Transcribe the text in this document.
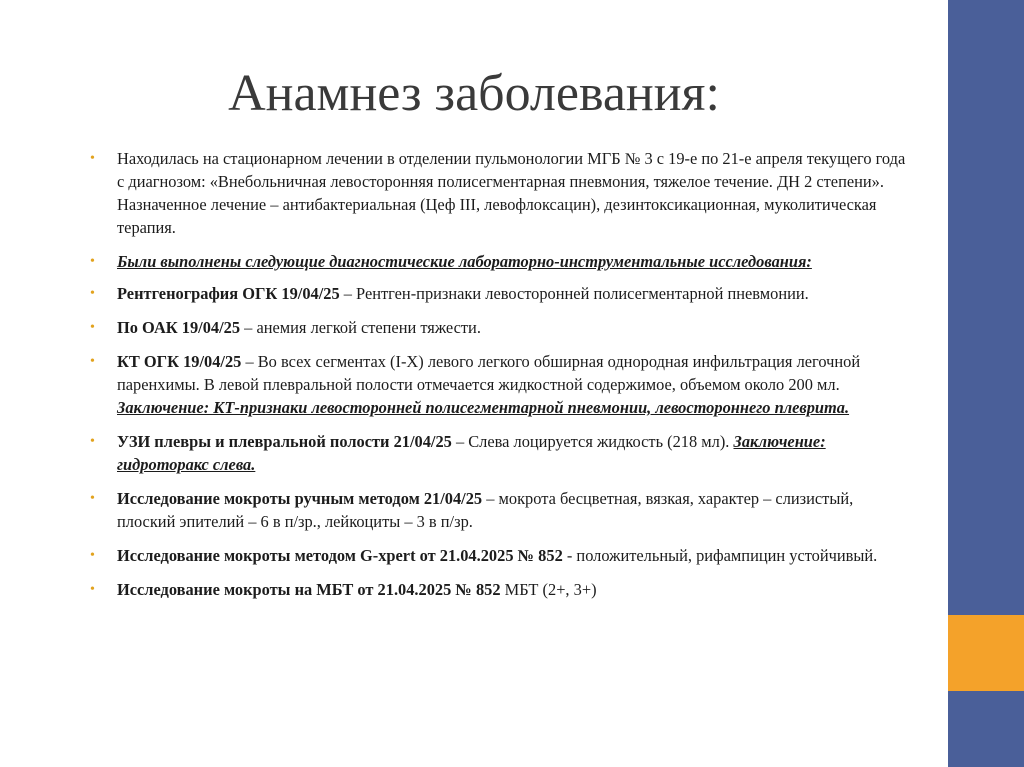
Анамнез заболевания:
• Находилась на стационарном лечении в отделении пульмонологии МГБ № 3 с 19-е по 21-е апреля текущего года с диагнозом: «Внебольничная левосторонняя полисегментарная пневмония, тяжелое течение. ДН 2 степени». Назначенное лечение – антибактериальная (Цеф III, левофлоксацин), дезинтоксикационная, муколитическая терапия.
• Были выполнены следующие диагностические лабораторно-инструментальные исследования:
• Рентгенография ОГК 19/04/25 – Рентген-признаки левосторонней полисегментарной пневмонии.
• По ОАК 19/04/25 – анемия легкой степени тяжести.
• КТ ОГК 19/04/25 – Во всех сегментах (I-X) левого легкого обширная однородная инфильтрация легочной паренхимы. В левой плевральной полости отмечается жидкостной содержимое, объемом около 200 мл. Заключение: КТ-признаки левосторонней полисегментарной пневмонии, левостороннего плеврита.
• УЗИ плевры и плевральной полости 21/04/25 – Слева лоцируется жидкость (218 мл). Заключение: гидроторакс слева.
• Исследование мокроты ручным методом 21/04/25 – мокрота бесцветная, вязкая, характер – слизистый, плоский эпителий – 6 в п/зр., лейкоциты – 3 в п/зр.
• Исследование мокроты методом G-xpert от 21.04.2025 № 852 - положительный, рифампицин устойчивый.
• Исследование мокроты на МБТ от 21.04.2025 № 852 МБТ (2+, 3+)
